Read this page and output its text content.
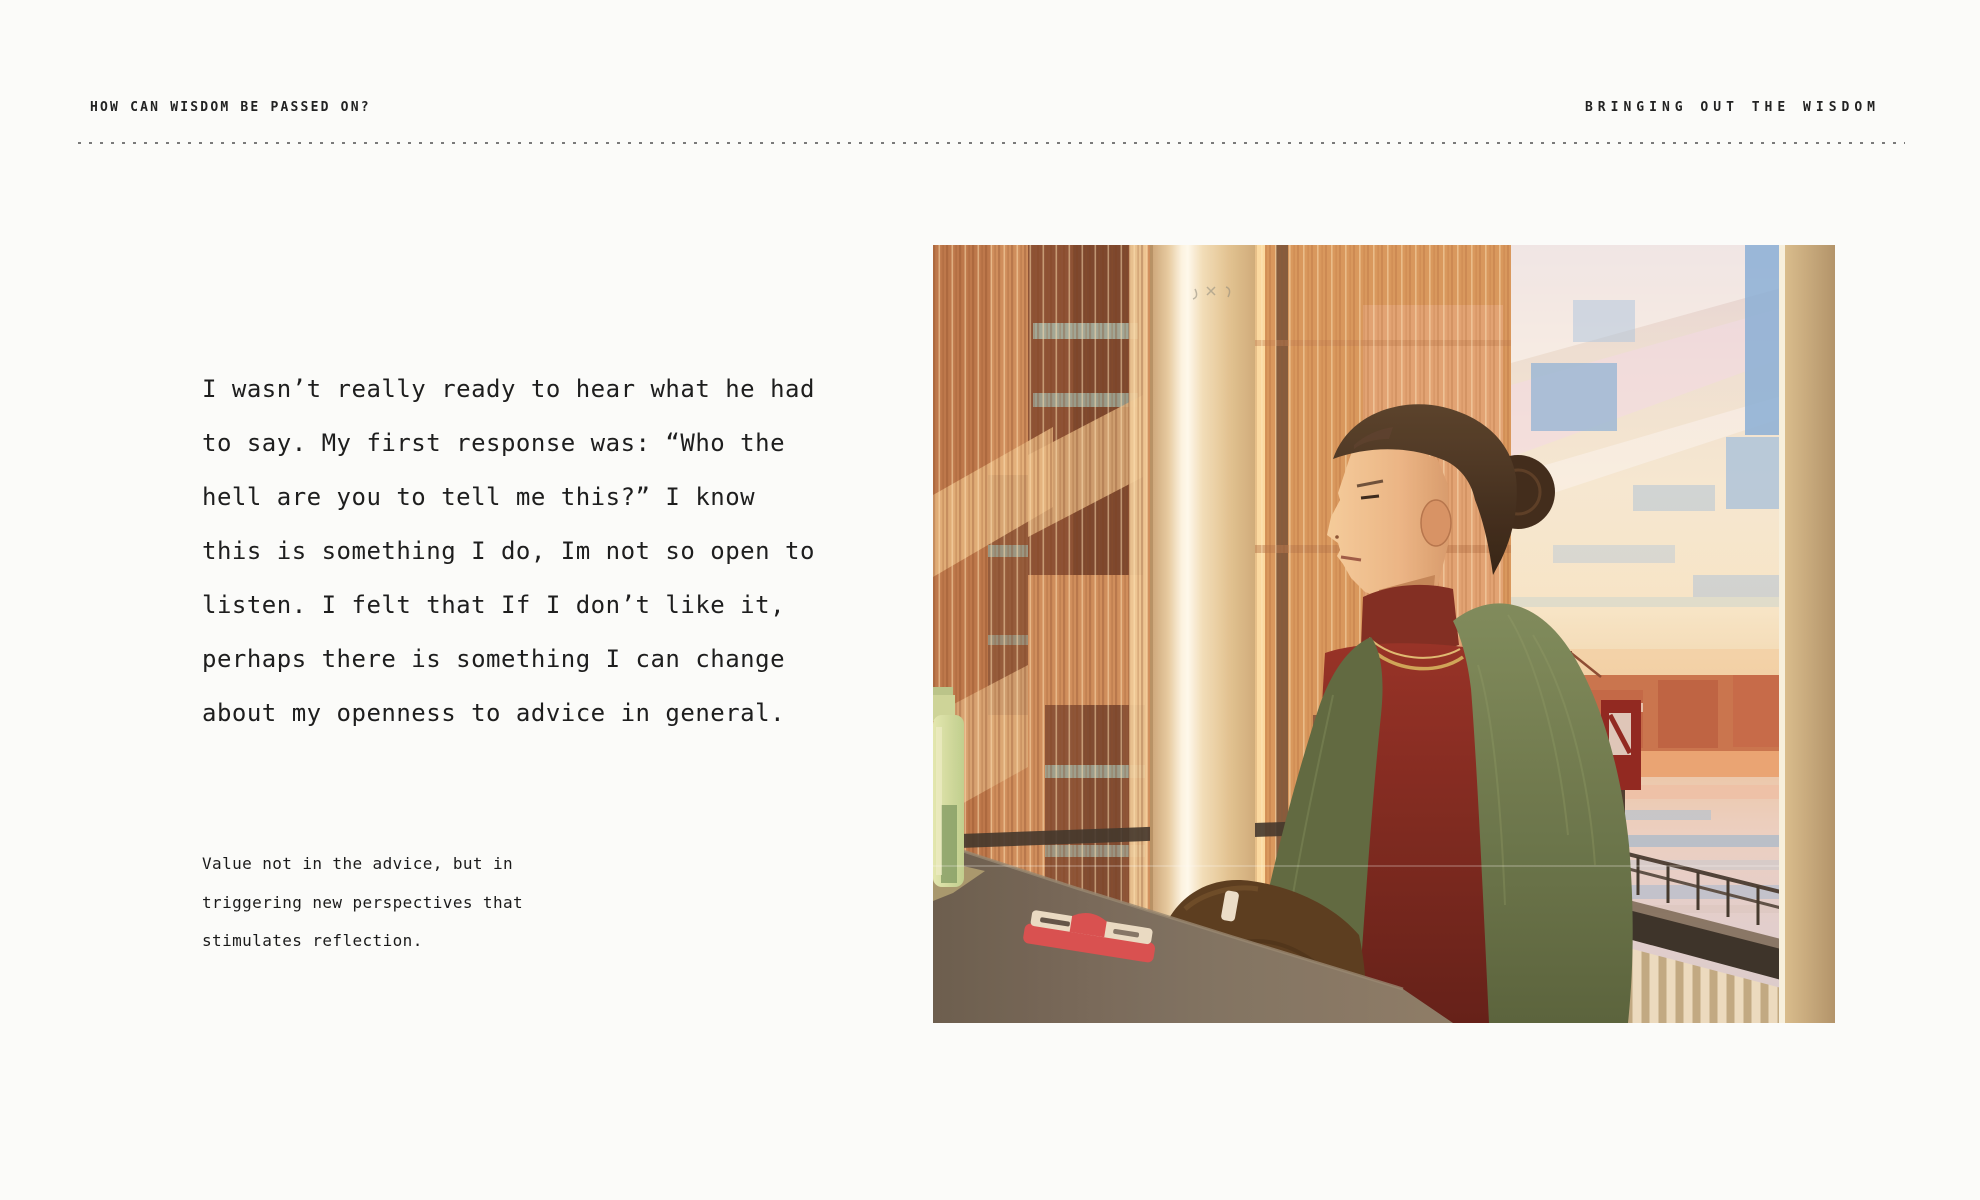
HOW CAN WISDOM BE PASSED ON?	BRINGING OUT THE WISDOM
I wasn’t really ready to hear what he had
to say. My first response was: “Who the
hell are you to tell me this?” I know
this is something I do, Im not so open to
listen. I felt that If I don’t like it,
perhaps there is something I can change
about my openness to advice in general.
Value not in the advice, but in
triggering new perspectives that
stimulates reflection.
